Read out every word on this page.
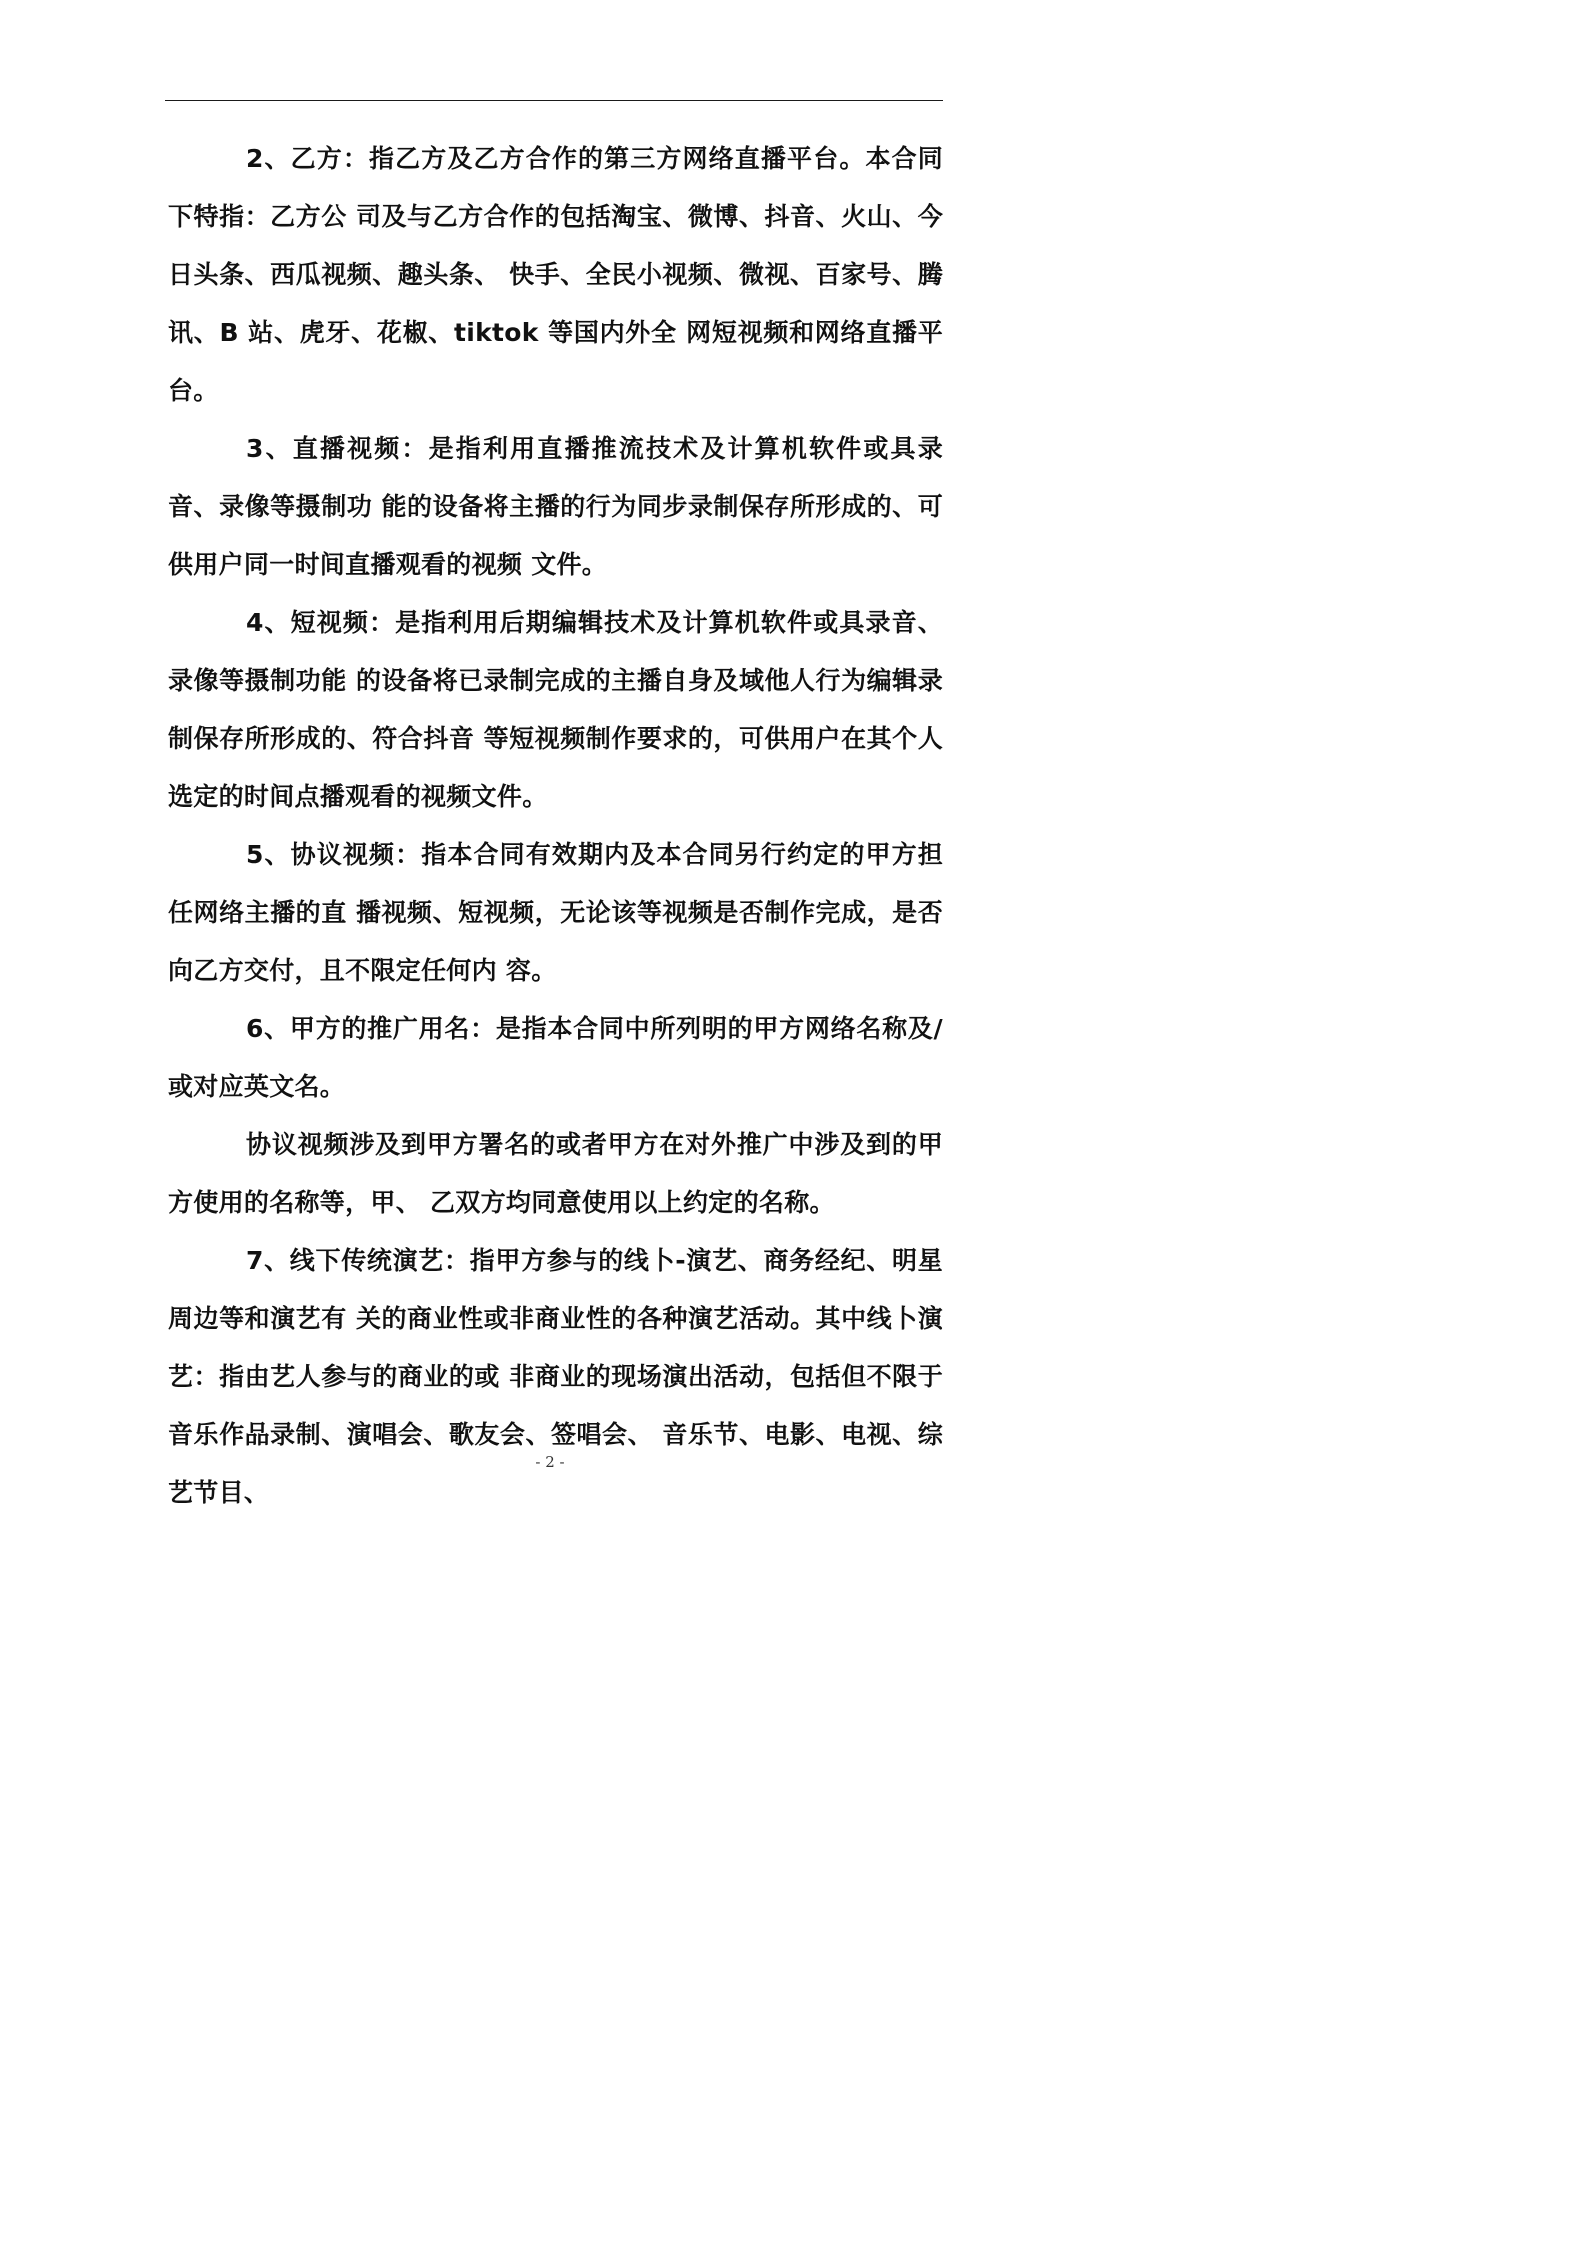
2、乙方：指乙方及乙方合作的第三方网络直播平台。本合同下特指：乙方公 司及与乙方合作的包括淘宝、微博、抖音、火山、今日头条、西瓜视频、趣头条、 快手、全民小视频、微视、百家号、腾讯、B 站、虎牙、花椒、tiktok 等国内外全 网短视频和网络直播平台。

3、直播视频：是指利用直播推流技术及计算机软件或具录音、录像等摄制功 能的设备将主播的行为同步录制保存所形成的、可供用户同一时间直播观看的视频 文件。

4、短视频：是指利用后期编辑技术及计算机软件或具录音、录像等摄制功能 的设备将已录制完成的主播自身及域他人行为编辑录制保存所形成的、符合抖音 等短视频制作要求的，可供用户在其个人选定的时间点播观看的视频文件。

5、协议视频：指本合同有效期内及本合同另行约定的甲方担任网络主播的直 播视频、短视频，无论该等视频是否制作完成，是否向乙方交付，且不限定任何内 容。

6、甲方的推广用名：是指本合同中所列明的甲方网络名称及/或对应英文名。

协议视频涉及到甲方署名的或者甲方在对外推广中涉及到的甲方使用的名称等，甲、 乙双方均同意使用以上约定的名称。

7、线下传统演艺：指甲方参与的线卜-演艺、商务经纪、明星周边等和演艺有 关的商业性或非商业性的各种演艺活动。其中线卜演艺：指由艺人参与的商业的或 非商业的现场演出活动，包括但不限于音乐作品录制、演唱会、歌友会、签唱会、 音乐节、电影、电视、综艺节目、

- 2 -
